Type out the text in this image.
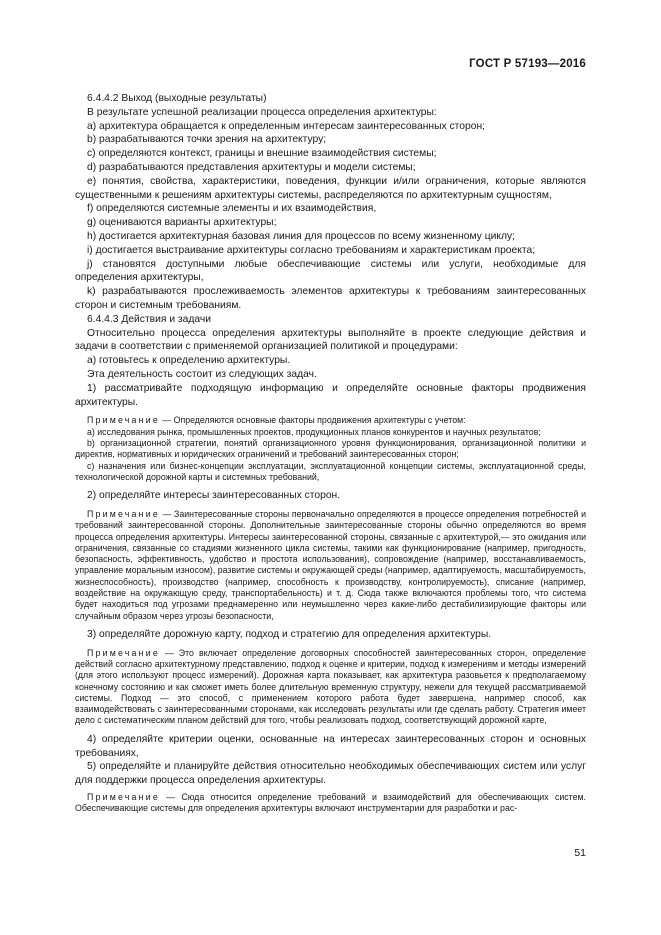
ГОСТ Р 57193—2016

6.4.4.2 Выход (выходные результаты)

В результате успешной реализации процесса определения архитектуры:

а) архитектура обращается к определенным интересам заинтересованных сторон;

b) разрабатываются точки зрения на архитектуру;

с) определяются контекст, границы и внешние взаимодействия системы;

d) разрабатываются представления архитектуры и модели системы;

е) понятия, свойства, характеристики, поведения, функции и/или ограничения, которые являются существенными к решениям архитектуры системы, распределяются по архитектурным сущностям,

f) определяются системные элементы и их взаимодействия,

g) оцениваются варианты архитектуры;

h) достигается архитектурная базовая линия для процессов по всему жизненному циклу;

i) достигается выстраивание архитектуры согласно требованиям и характеристикам проекта;

j) становятся доступными любые обеспечивающие системы или услуги, необходимые для определения архитектуры,

k) разрабатываются прослеживаемость элементов архитектуры к требованиям заинтересованных сторон и системным требованиям.

6.4.4.3 Действия и задачи

Относительно процесса определения архитектуры выполняйте в проекте следующие действия и задачи в соответствии с применяемой организацией политикой и процедурами:

а) готовьтесь к определению архитектуры.

Эта деятельность состоит из следующих задач.

1) рассматривайте подходящую информацию и определяйте основные факторы продвижения архитектуры.

Примечание — Определяются основные факторы продвижения архитектуры с учетом:

а) исследования рынка, промышленных проектов, продукционных планов конкурентов и научных результатов;

b) организационной стратегии, понятий организационного уровня функционирования, организационной политики и директив, нормативных и юридических ограничений и требований заинтересованных сторон;

с) назначения или бизнес-концепции эксплуатации, эксплуатационной концепции системы, эксплуатационной среды, технологической дорожной карты и системных требований,

2) определяйте интересы заинтересованных сторон.

Примечание — Заинтересованные стороны первоначально определяются в процессе определения потребностей и требований заинтересованной стороны. Дополнительные заинтересованные стороны обычно определяются во время процесса определения архитектуры. Интересы заинтересованной стороны, связанные с архитектурой,— это ожидания или ограничения, связанные со стадиями жизненного цикла системы, такими как функционирование (например, пригодность, безопасность, эффективность, удобство и простота использования), сопровождение (например, восстанавливаемость, управление моральным износом), развитие системы и окружающей среды (например, адаптируемость, масштабируемость, жизнеспособность), производство (например, способность к производству, контролируемость), списание (например, воздействие на окружающую среду, транспортабельность) и т. д. Сюда также включаются проблемы того, что система будет находиться под угрозами преднамеренно или неумышленно через какие-либо дестабилизирующие факторы или случайным образом через угрозы безопасности,

3) определяйте дорожную карту, подход и стратегию для определения архитектуры.

Примечание — Это включает определение договорных способностей заинтересованных сторон, определение действий согласно архитектурному представлению, подход к оценке и критерии, подход к измерениям и методы измерений (для этого используют процесс измерений). Дорожная карта показывает, как архитектура разовьется к предполагаемому конечному состоянию и как сможет иметь более длительную временную структуру, нежели для текущей рассматриваемой системы. Подход — это способ, с применением которого работа будет завершена, например способ, как взаимодействовать с заинтересованными сторонами, как исследовать результаты или где сделать работу. Стратегия имеет дело с систематическим планом действий для того, чтобы реализовать подход, соответствующий дорожной карте,

4) определяйте критерии оценки, основанные на интересах заинтересованных сторон и основных требованиях,

5) определяйте и планируйте действия относительно необходимых обеспечивающих систем или услуг для поддержки процесса определения архитектуры.

Примечание — Сюда относится определение требований и взаимодействий для обеспечивающих систем. Обеспечивающие системы для определения архитектуры включают инструментарии для разработки и рас-

51
